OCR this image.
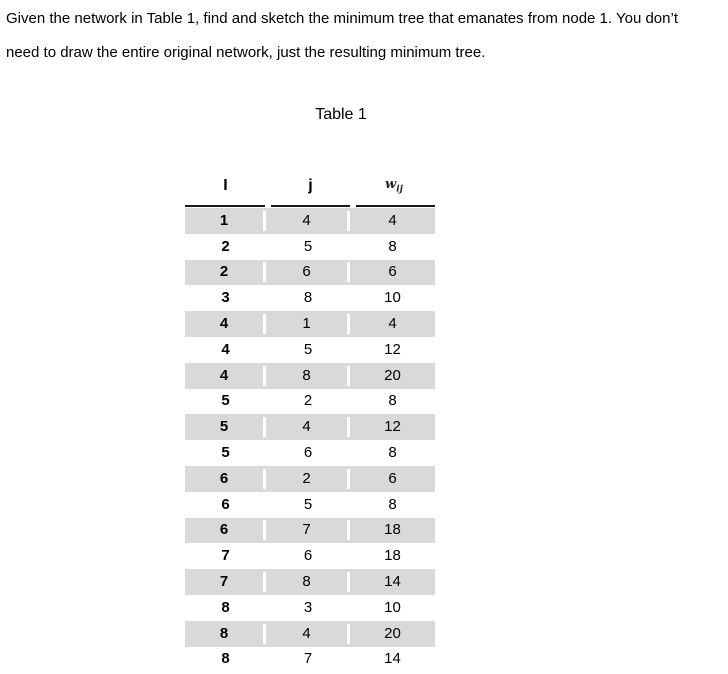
Given the network in Table 1, find and sketch the minimum tree that emanates from node 1. You don’t need to draw the entire original network, just the resulting minimum tree.

Table 1

I	j	$w_{ij}$
1	4	4
2	5	8
2	6	6
3	8	10
4	1	4
4	5	12
4	8	20
5	2	8
5	4	12
5	6	8
6	2	6
6	5	8
6	7	18
7	6	18
7	8	14
8	3	10
8	4	20
8	7	14
